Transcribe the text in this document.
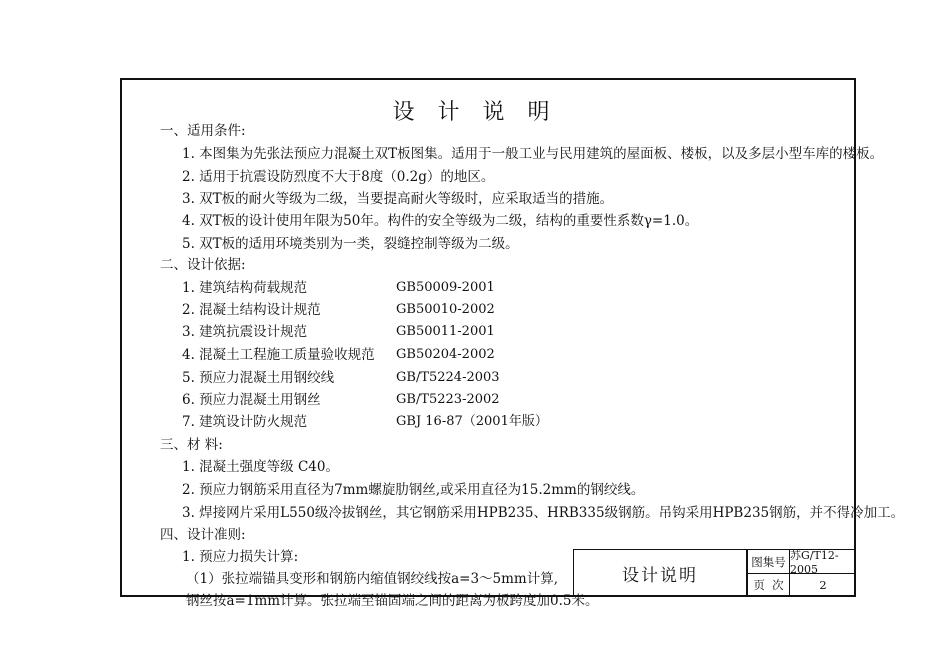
设 计 说 明
一、适用条件:
1. 本图集为先张法预应力混凝土双T板图集。适用于一般工业与民用建筑的屋面板、楼板，以及多层小型车库的楼板。
2. 适用于抗震设防烈度不大于8度（0.2g）的地区。
3. 双T板的耐火等级为二级，当要提高耐火等级时，应采取适当的措施。
4. 双T板的设计使用年限为50年。构件的安全等级为二级，结构的重要性系数γ=1.0。
5. 双T板的适用环境类别为一类，裂缝控制等级为二级。
二、设计依据:
1. 建筑结构荷载规范	GB50009-2001
2. 混凝土结构设计规范	GB50010-2002
3. 建筑抗震设计规范	GB50011-2001
4. 混凝土工程施工质量验收规范 GB50204-2002
5. 预应力混凝土用钢绞线	GB/T5224-2003
6. 预应力混凝土用钢丝	GB/T5223-2002
7. 建筑设计防火规范	GBJ 16-87（2001年版）
三、材 料:
1. 混凝土强度等级 C40。
2. 预应力钢筋采用直径为7mm螺旋肋钢丝,或采用直径为15.2mm的钢绞线。
3. 焊接网片采用L550级冷拔钢丝，其它钢筋采用HPB235、HRB335级钢筋。吊钩采用HPB235钢筋，并不得冷加工。
四、设计准则:
1. 预应力损失计算:
（1）张拉端锚具变形和钢筋内缩值钢绞线按a=3～5mm计算,
钢丝按a=1mm计算。张拉端至锚固端之间的距离为板跨度加0.5米。
设计说明
图集号 苏G/T12-2005
页  次	2
